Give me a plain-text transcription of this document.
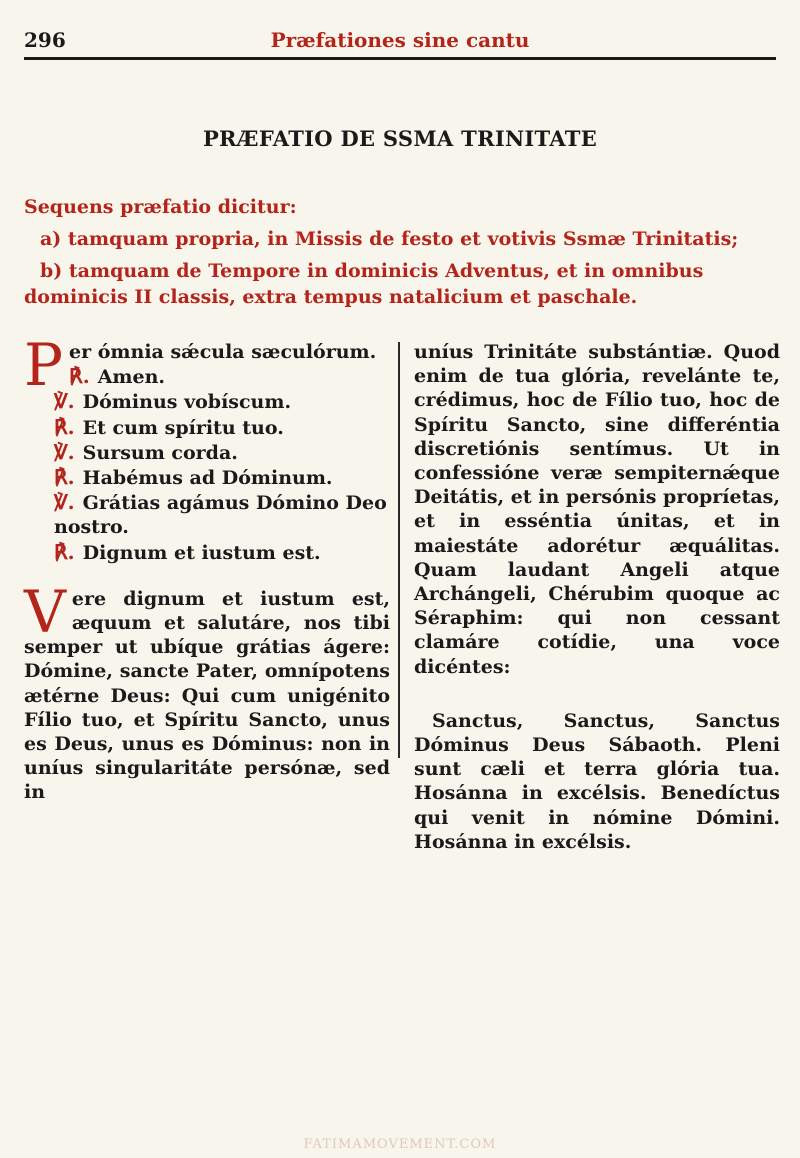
296	Præfationes sine cantu
PRÆFATIO DE SSMA TRINITATE
Sequens præfatio dicitur:
a) tamquam propria, in Missis de festo et votivis Ssmæ Trinitatis;
b) tamquam de Tempore in dominicis Adventus, et in omnibus dominicis II classis, extra tempus natalicium et paschale.
P er ómnia sǽcula sæculórum.
℟. Amen.
℣. Dóminus vobíscum.
℟. Et cum spíritu tuo.
℣. Sursum corda.
℟. Habémus ad Dóminum.
℣. Grátias agámus Dómino Deo nostro.
℟. Dignum et iustum est.
V ere dignum et iustum est, æquum et salutáre, nos tibi semper ut ubíque grátias ágere: Dómine, sancte Pater, omnípotens ætérne Deus: Qui cum unigénito Fílio tuo, et Spíritu Sancto, unus es Deus, unus es Dóminus: non in uníus singularitáte persónæ, sed in
uníus Trinitáte substántiæ. Quod enim de tua glória, revelánte te, crédimus, hoc de Fílio tuo, hoc de Spíritu Sancto, sine differéntia discretiónis sentímus. Ut in confessióne veræ sempiternǽque Deitátis, et in persónis propríetas, et in esséntia únitas, et in maiestáte adorétur æquálitas. Quam laudant Angeli atque Archángeli, Chérubim quoque ac Séraphim: qui non cessant clamáre cotídie, una voce dicéntes:
Sanctus, Sanctus, Sanctus Dóminus Deus Sábaoth. Pleni sunt cæli et terra glória tua. Hosánna in excélsis. Benedíctus qui venit in nómine Dómini. Hosánna in excélsis.
FATIMAMOVEMENT.COM
